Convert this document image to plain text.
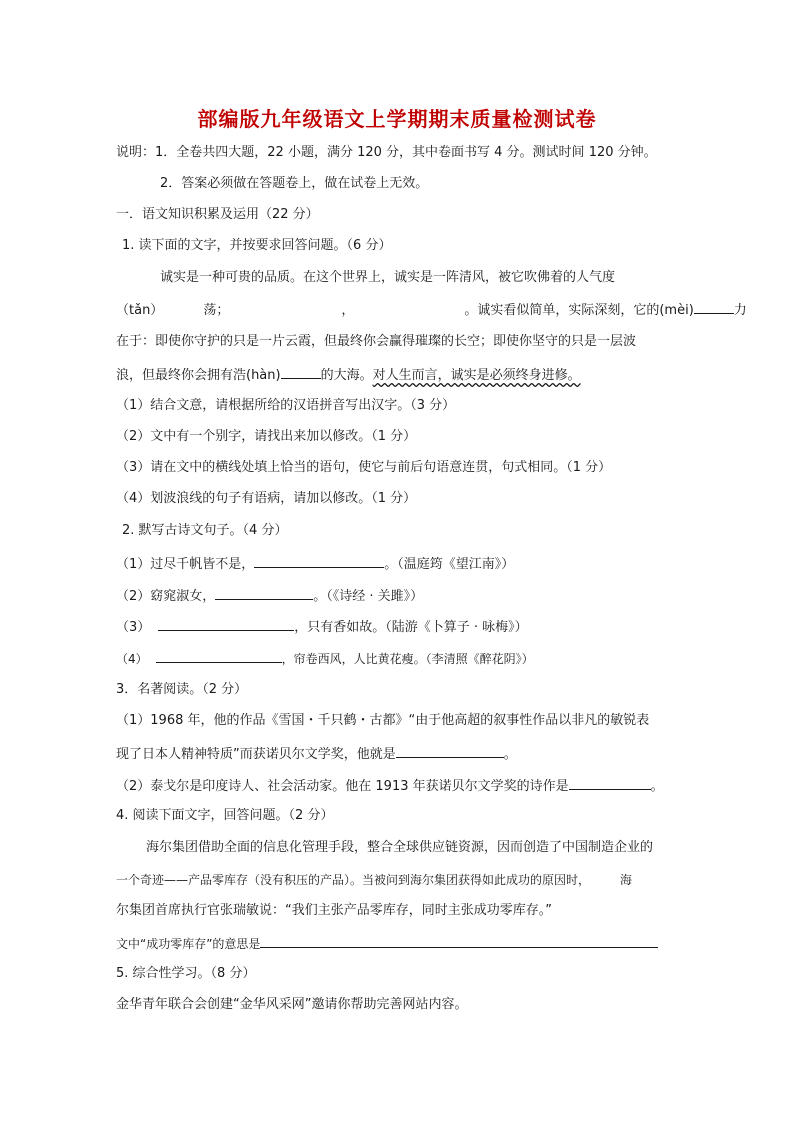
部编版九年级语文上学期期末质量检测试卷
说明：1．全卷共四大题，22 小题，满分 120 分，其中卷面书写 4 分。测试时间 120 分钟。
2．答案必须做在答题卷上，做在试卷上无效。
一．语文知识积累及运用（22 分）
1. 读下面的文字，并按要求回答问题。（6 分）
诚实是一种可贵的品质。在这个世界上，诚实是一阵清风，被它吹佛着的人气度
（tǎn）	荡；	，	。诚实看似简单，实际深刻，它的(mèi)	力
在于：即使你守护的只是一片云霞，但最终你会赢得璀璨的长空；即使你坚守的只是一层波
浪，但最终你会拥有浩(hàn)	的大海。对人生而言，诚实是必须终身进修。
（1）结合文意，请根据所给的汉语拼音写出汉字。（3 分）
（2）文中有一个别字，请找出来加以修改。（1 分）
（3）请在文中的横线处填上恰当的语句，使它与前后句语意连贯，句式相同。（1 分）
（4）划波浪线的句子有语病，请加以修改。（1 分）
2. 默写古诗文句子。（4 分）
（1）过尽千帆皆不是，	。（温庭筠《望江南》）
（2）窈窕淑女，	。（《诗经 · 关雎》）
（3）	，只有香如故。（陆游《卜算子 · 咏梅》）
（4）	，帘卷西风，人比黄花瘦。（李清照《醉花阴》）
3．名著阅读。（2 分）
（1）1968 年，他的作品《雪国・千只鹤・古都》“由于他高超的叙事性作品以非凡的敏锐表
现了日本人精神特质”而获诺贝尔文学奖，他就是	。
（2）泰戈尔是印度诗人、社会活动家。他在 1913 年获诺贝尔文学奖的诗作是	。
4. 阅读下面文字，回答问题。（2 分）
海尔集团借助全面的信息化管理手段，整合全球供应链资源，因而创造了中国制造企业的
一个奇迹——产品零库存（没有积压的产品）。当被问到海尔集团获得如此成功的原因时，	海
尔集团首席执行官张瑞敏说：“我们主张产品零库存，同时主张成功零库存。”
文中“成功零库存”的意思是
5. 综合性学习。（8 分）
金华青年联合会创建“金华风采网”邀请你帮助完善网站内容。
